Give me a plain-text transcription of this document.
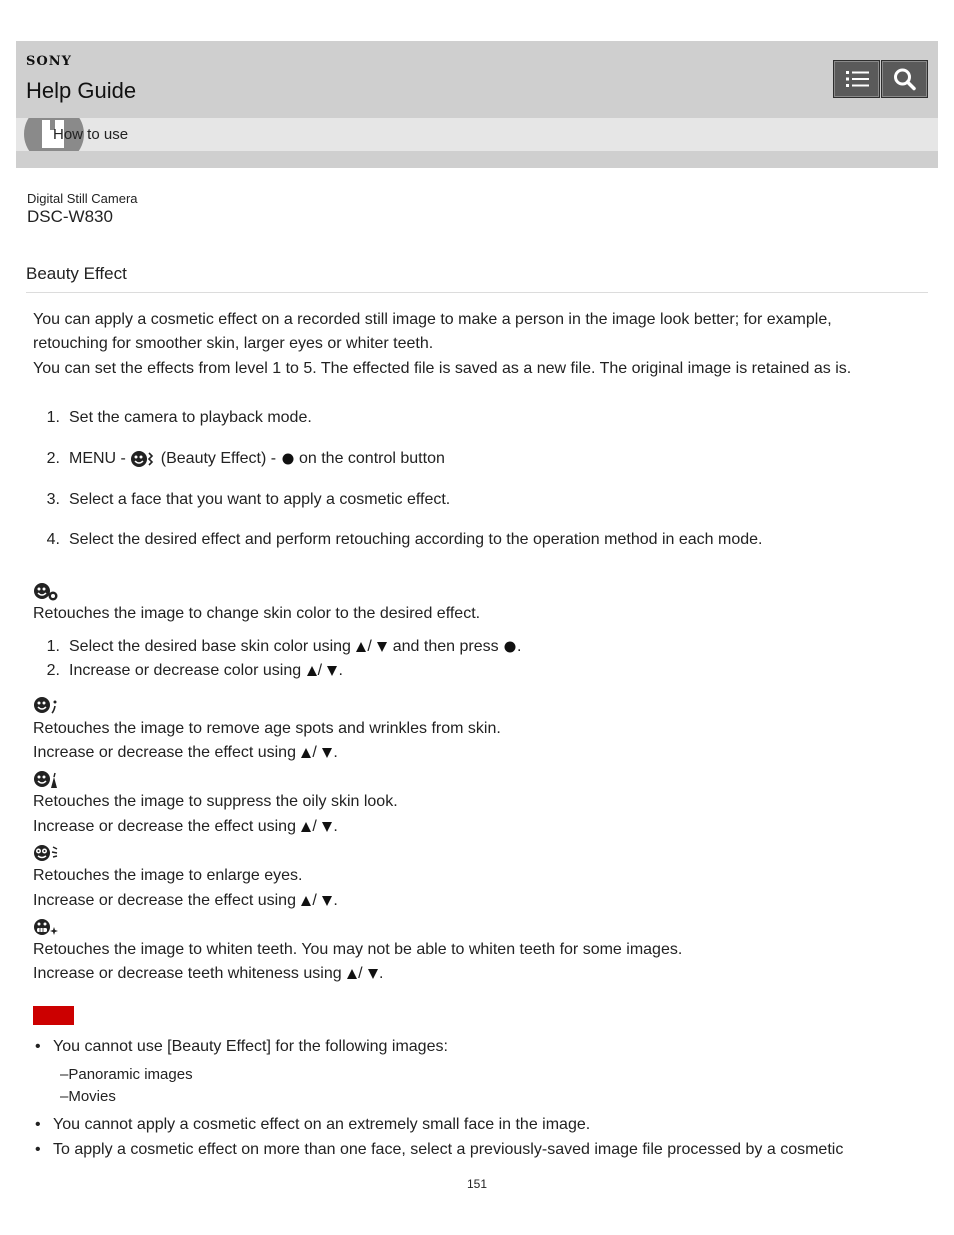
SONY
Help Guide
How to use
Digital Still Camera
DSC-W830
Beauty Effect
You can apply a cosmetic effect on a recorded still image to make a person in the image look better; for example,
retouching for smoother skin, larger eyes or whiter teeth.
You can set the effects from level 1 to 5. The effected file is saved as a new file. The original image is retained as is.
1. Set the camera to playback mode.
2. MENU -  (Beauty Effect) -  on the control button
3. Select a face that you want to apply a cosmetic effect.
4. Select the desired effect and perform retouching according to the operation method in each mode.
Retouches the image to change skin color to the desired effect.
1. Select the desired base skin color using / and then press .
2. Increase or decrease color using / .
Retouches the image to remove age spots and wrinkles from skin.
Increase or decrease the effect using / .
Retouches the image to suppress the oily skin look.
Increase or decrease the effect using / .
Retouches the image to enlarge eyes.
Increase or decrease the effect using / .
Retouches the image to whiten teeth. You may not be able to whiten teeth for some images.
Increase or decrease teeth whiteness using / .
• You cannot use [Beauty Effect] for the following images:
–Panoramic images
–Movies
• You cannot apply a cosmetic effect on an extremely small face in the image.
• To apply a cosmetic effect on more than one face, select a previously-saved image file processed by a cosmetic
151
